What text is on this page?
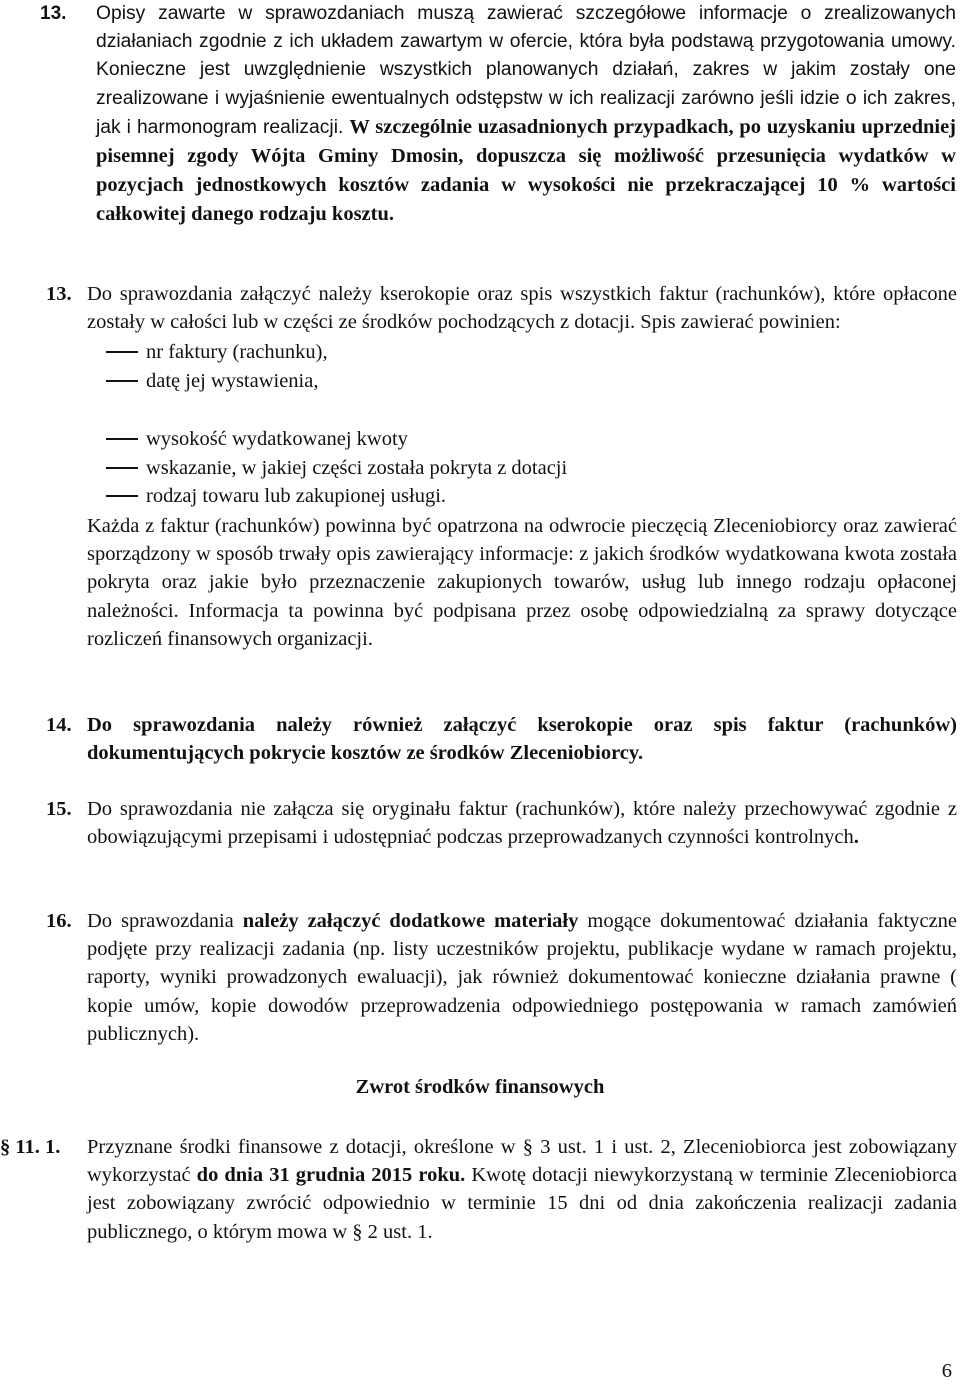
13. Opisy zawarte w sprawozdaniach muszą zawierać szczegółowe informacje o zrealizowanych działaniach zgodnie z ich układem zawartym w ofercie, która była podstawą przygotowania umowy. Konieczne jest uwzględnienie wszystkich planowanych działań, zakres w jakim zostały one zrealizowane i wyjaśnienie ewentualnych odstępstw w ich realizacji zarówno jeśli idzie o ich zakres, jak i harmonogram realizacji. W szczególnie uzasadnionych przypadkach, po uzyskaniu uprzedniej pisemnej zgody Wójta Gminy Dmosin, dopuszcza się możliwość przesunięcia wydatków w pozycjach jednostkowych kosztów zadania w wysokości nie przekraczającej 10 % wartości całkowitej danego rodzaju kosztu.
13. Do sprawozdania załączyć należy kserokopie oraz spis wszystkich faktur (rachunków), które opłacone zostały w całości lub w części ze środków pochodzących z dotacji. Spis zawierać powinien:
nr faktury (rachunku),
datę jej wystawienia,
wysokość wydatkowanej kwoty
wskazanie, w jakiej części została pokryta z dotacji
rodzaj towaru lub zakupionej usługi.
Każda z faktur (rachunków) powinna być opatrzona na odwrocie pieczęcią Zleceniobiorcy oraz zawierać sporządzony w sposób trwały opis zawierający informacje: z jakich środków wydatkowana kwota została pokryta oraz jakie było przeznaczenie zakupionych towarów, usług lub innego rodzaju opłaconej należności. Informacja ta powinna być podpisana przez osobę odpowiedzialną za sprawy dotyczące rozliczeń finansowych organizacji.
14. Do sprawozdania należy również załączyć kserokopie oraz spis faktur (rachunków) dokumentujących pokrycie kosztów ze środków Zleceniobiorcy.
15. Do sprawozdania nie załącza się oryginału faktur (rachunków), które należy przechowywać zgodnie z obowiązującymi przepisami i udostępniać podczas przeprowadzanych czynności kontrolnych.
16. Do sprawozdania należy załączyć dodatkowe materiały mogące dokumentować działania faktyczne podjęte przy realizacji zadania (np. listy uczestników projektu, publikacje wydane w ramach projektu, raporty, wyniki prowadzonych ewaluacji), jak również dokumentować konieczne działania prawne ( kopie umów, kopie dowodów przeprowadzenia odpowiedniego postępowania w ramach zamówień publicznych).
Zwrot środków finansowych
§ 11. 1. Przyznane środki finansowe z dotacji, określone w § 3 ust. 1 i ust. 2, Zleceniobiorca jest zobowiązany wykorzystać do dnia 31 grudnia 2015 roku. Kwotę dotacji niewykorzystaną w terminie Zleceniobiorca jest zobowiązany zwrócić odpowiednio w terminie 15 dni od dnia zakończenia realizacji zadania publicznego, o którym mowa w § 2 ust. 1.
6
